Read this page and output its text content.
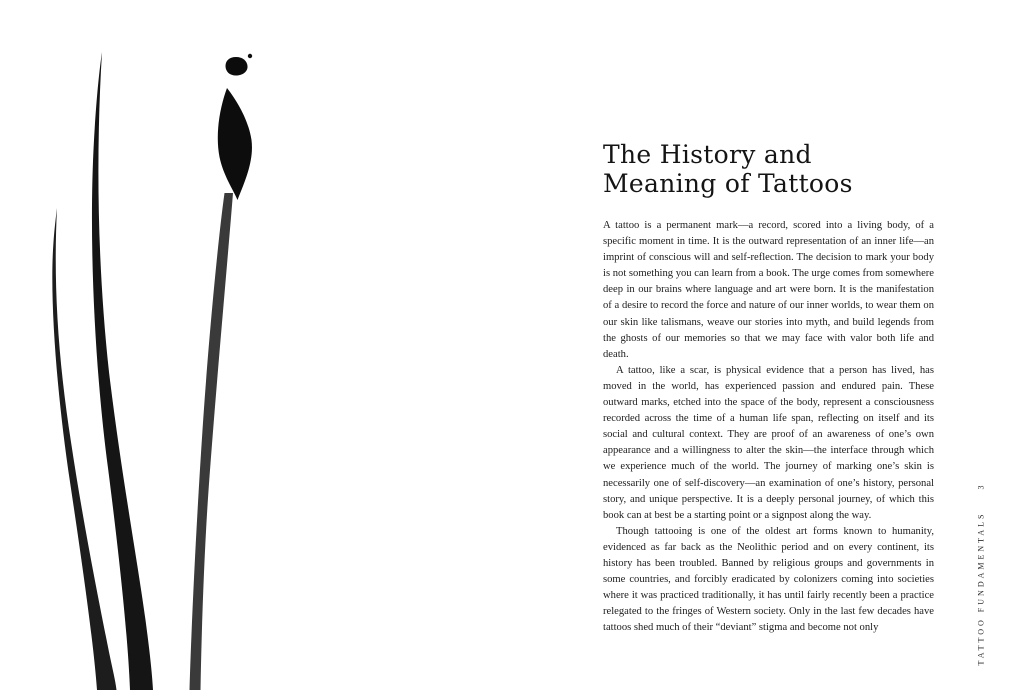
The History and
Meaning of Tattoos

A tattoo is a permanent mark—a record, scored into a living body, of a specific moment in time. It is the outward representation of an inner life—an imprint of conscious will and self-reflection. The decision to mark your body is not something you can learn from a book. The urge comes from somewhere deep in our brains where language and art were born. It is the manifestation of a desire to record the force and nature of our inner worlds, to wear them on our skin like talismans, weave our stories into myth, and build legends from the ghosts of our memories so that we may face with valor both life and death.

A tattoo, like a scar, is physical evidence that a person has lived, has moved in the world, has experienced passion and endured pain. These outward marks, etched into the space of the body, represent a consciousness recorded across the time of a human life span, reflecting on itself and its social and cultural context. They are proof of an awareness of one’s own appearance and a willingness to alter the skin—the interface through which we experience much of the world. The journey of marking one’s skin is necessarily one of self-discovery—an examination of one’s history, personal story, and unique perspective. It is a deeply personal journey, of which this book can at best be a starting point or a signpost along the way.

Though tattooing is one of the oldest art forms known to humanity, evidenced as far back as the Neolithic period and on every continent, its history has been troubled. Banned by religious groups and governments in some countries, and forcibly eradicated by colonizers coming into societies where it was practiced traditionally, it has until fairly recently been a practice relegated to the fringes of Western society. Only in the last few decades have tattoos shed much of their “deviant” stigma and become not only	TATTOO FUNDAMENTALS
3
